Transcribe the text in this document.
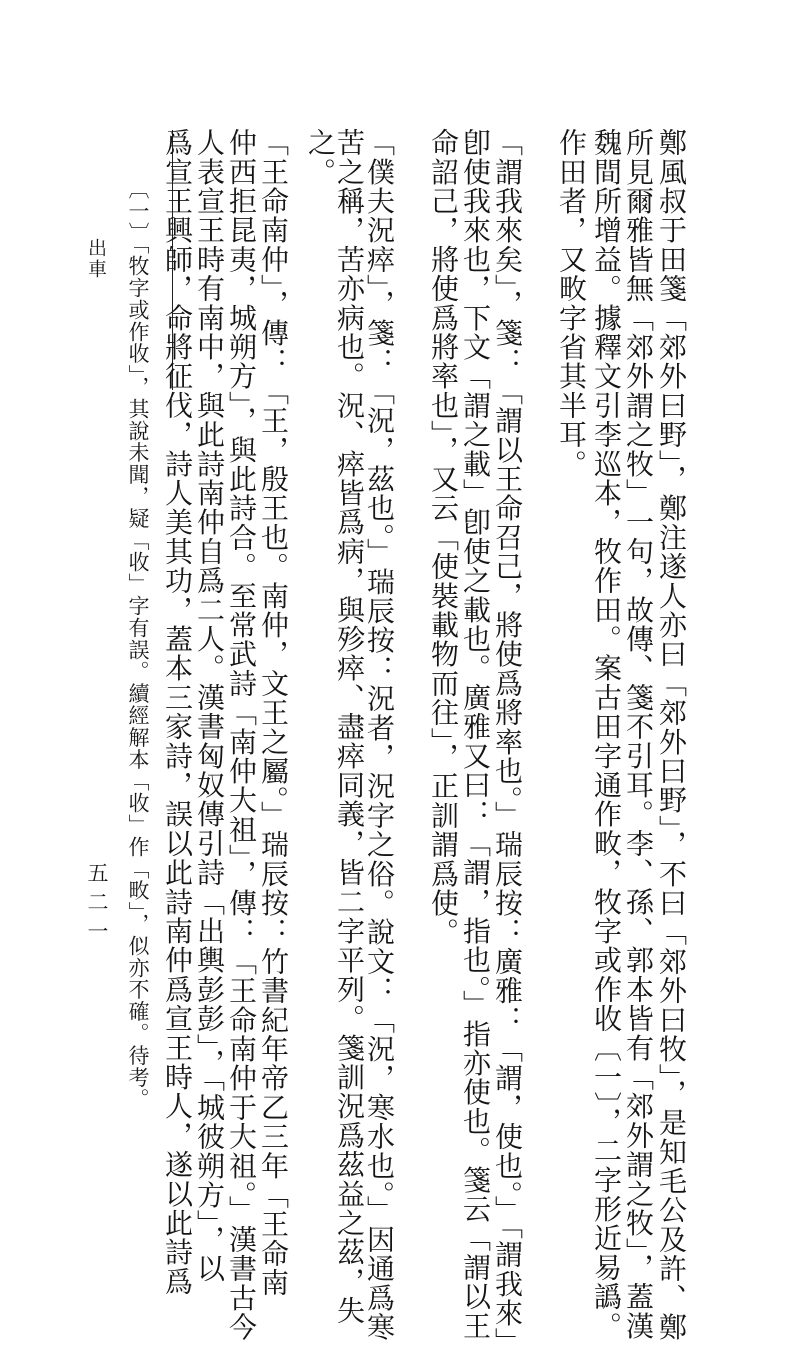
出車
五二一 〔一〕「牧字或作收」，其說未聞，疑「收」字有誤。續經解本「收」作「畋」，似亦不確。待考。 爲宣王興師，命將征伐，詩人美其功，蓋本三家詩，誤以此詩南仲爲宣王時人，遂以此詩爲 人表宣王時有南中，與此詩南仲自爲二人。漢書匈奴傳引詩「出輿彭彭」，「城彼朔方」，以 仲西拒昆夷，城朔方」，與此詩合。至常武詩「南仲大祖」，傳：「王命南仲于大祖。」漢書古今 「王命南仲」，傳：「王，殷王也。南仲，文王之屬。」瑞辰按：竹書紀年帝乙三年「王命南 之。
苦之稱，苦亦病也。況、瘁皆爲病，與殄瘁、盡瘁同義，皆二字平列。箋訓況爲茲益之茲，失
「僕夫況瘁」，箋：「況，茲也。」瑞辰按：況者，況字之俗。說文：「況，寒水也。」因通爲寒 命詔己，將使爲將率也」，又云「使裝載物而往」，正訓謂爲使。 卽使我來也，下文「謂之載」卽使之載也。廣雅又曰：「謂，指也。」指亦使也。箋云「謂以王 「謂我來矣」，箋：「謂以王命召己，將使爲將率也。」瑞辰按：廣雅：「謂，使也。」「謂我來」 作田者，又畋字省其半耳。 魏間所增益。據釋文引李巡本，牧作田。案古田字通作畋，牧字或作收〔一〕，二字形近易譌。 所見爾雅皆無「郊外謂之牧」一句，故傳、箋不引耳。李、孫、郭本皆有「郊外謂之牧」，蓋漢 鄭風叔于田箋「郊外曰野」，鄭注遂人亦曰「郊外曰野」，不曰「郊外曰牧」，是知毛公及許、鄭
